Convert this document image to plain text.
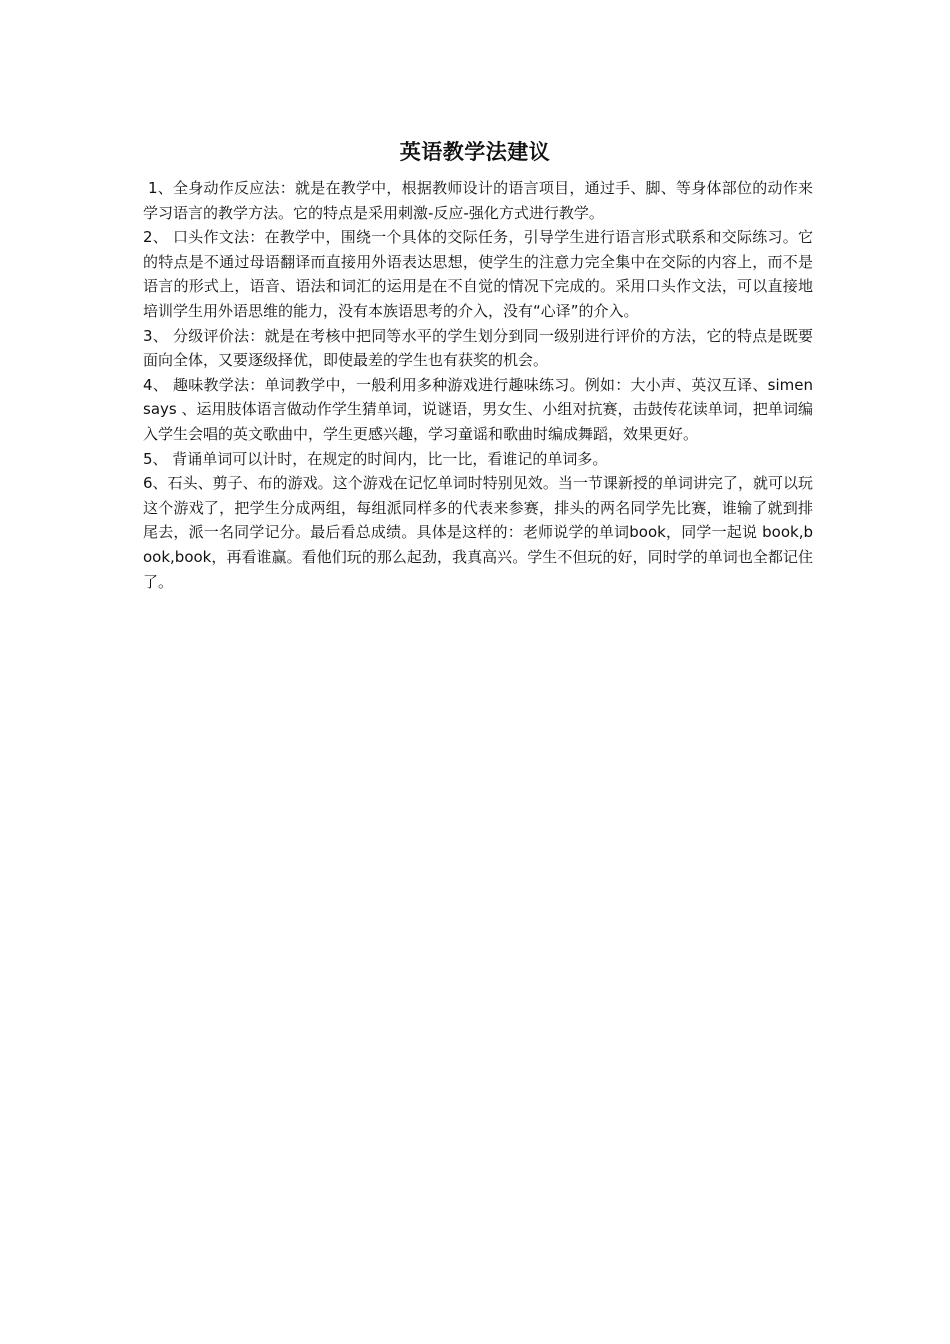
英语教学法建议

1、全身动作反应法：就是在教学中，根据教师设计的语言项目，通过手、脚、等身体部位的动作来学习语言的教学方法。它的特点是采用刺激-反应-强化方式进行教学。

2、 口头作文法：在教学中，围绕一个具体的交际任务，引导学生进行语言形式联系和交际练习。它的特点是不通过母语翻译而直接用外语表达思想，使学生的注意力完全集中在交际的内容上，而不是语言的形式上，语音、语法和词汇的运用是在不自觉的情况下完成的。采用口头作文法，可以直接地培训学生用外语思维的能力，没有本族语思考的介入，没有“心译”的介入。

3、 分级评价法：就是在考核中把同等水平的学生划分到同一级别进行评价的方法，它的特点是既要面向全体，又要逐级择优，即使最差的学生也有获奖的机会。

4、 趣味教学法：单词教学中，一般利用多种游戏进行趣味练习。例如：大小声、英汉互译、simen says 、运用肢体语言做动作学生猜单词，说谜语，男女生、小组对抗赛，击鼓传花读单词，把单词编入学生会唱的英文歌曲中，学生更感兴趣，学习童谣和歌曲时编成舞蹈，效果更好。

5、 背诵单词可以计时，在规定的时间内，比一比，看谁记的单词多。

6、石头、剪子、布的游戏。这个游戏在记忆单词时特别见效。当一节课新授的单词讲完了，就可以玩这个游戏了，把学生分成两组，每组派同样多的代表来参赛，排头的两名同学先比赛，谁输了就到排尾去，派一名同学记分。最后看总成绩。具体是这样的：老师说学的单词book，同学一起说 book,book,book，再看谁赢。看他们玩的那么起劲，我真高兴。学生不但玩的好，同时学的单词也全都记住了。
